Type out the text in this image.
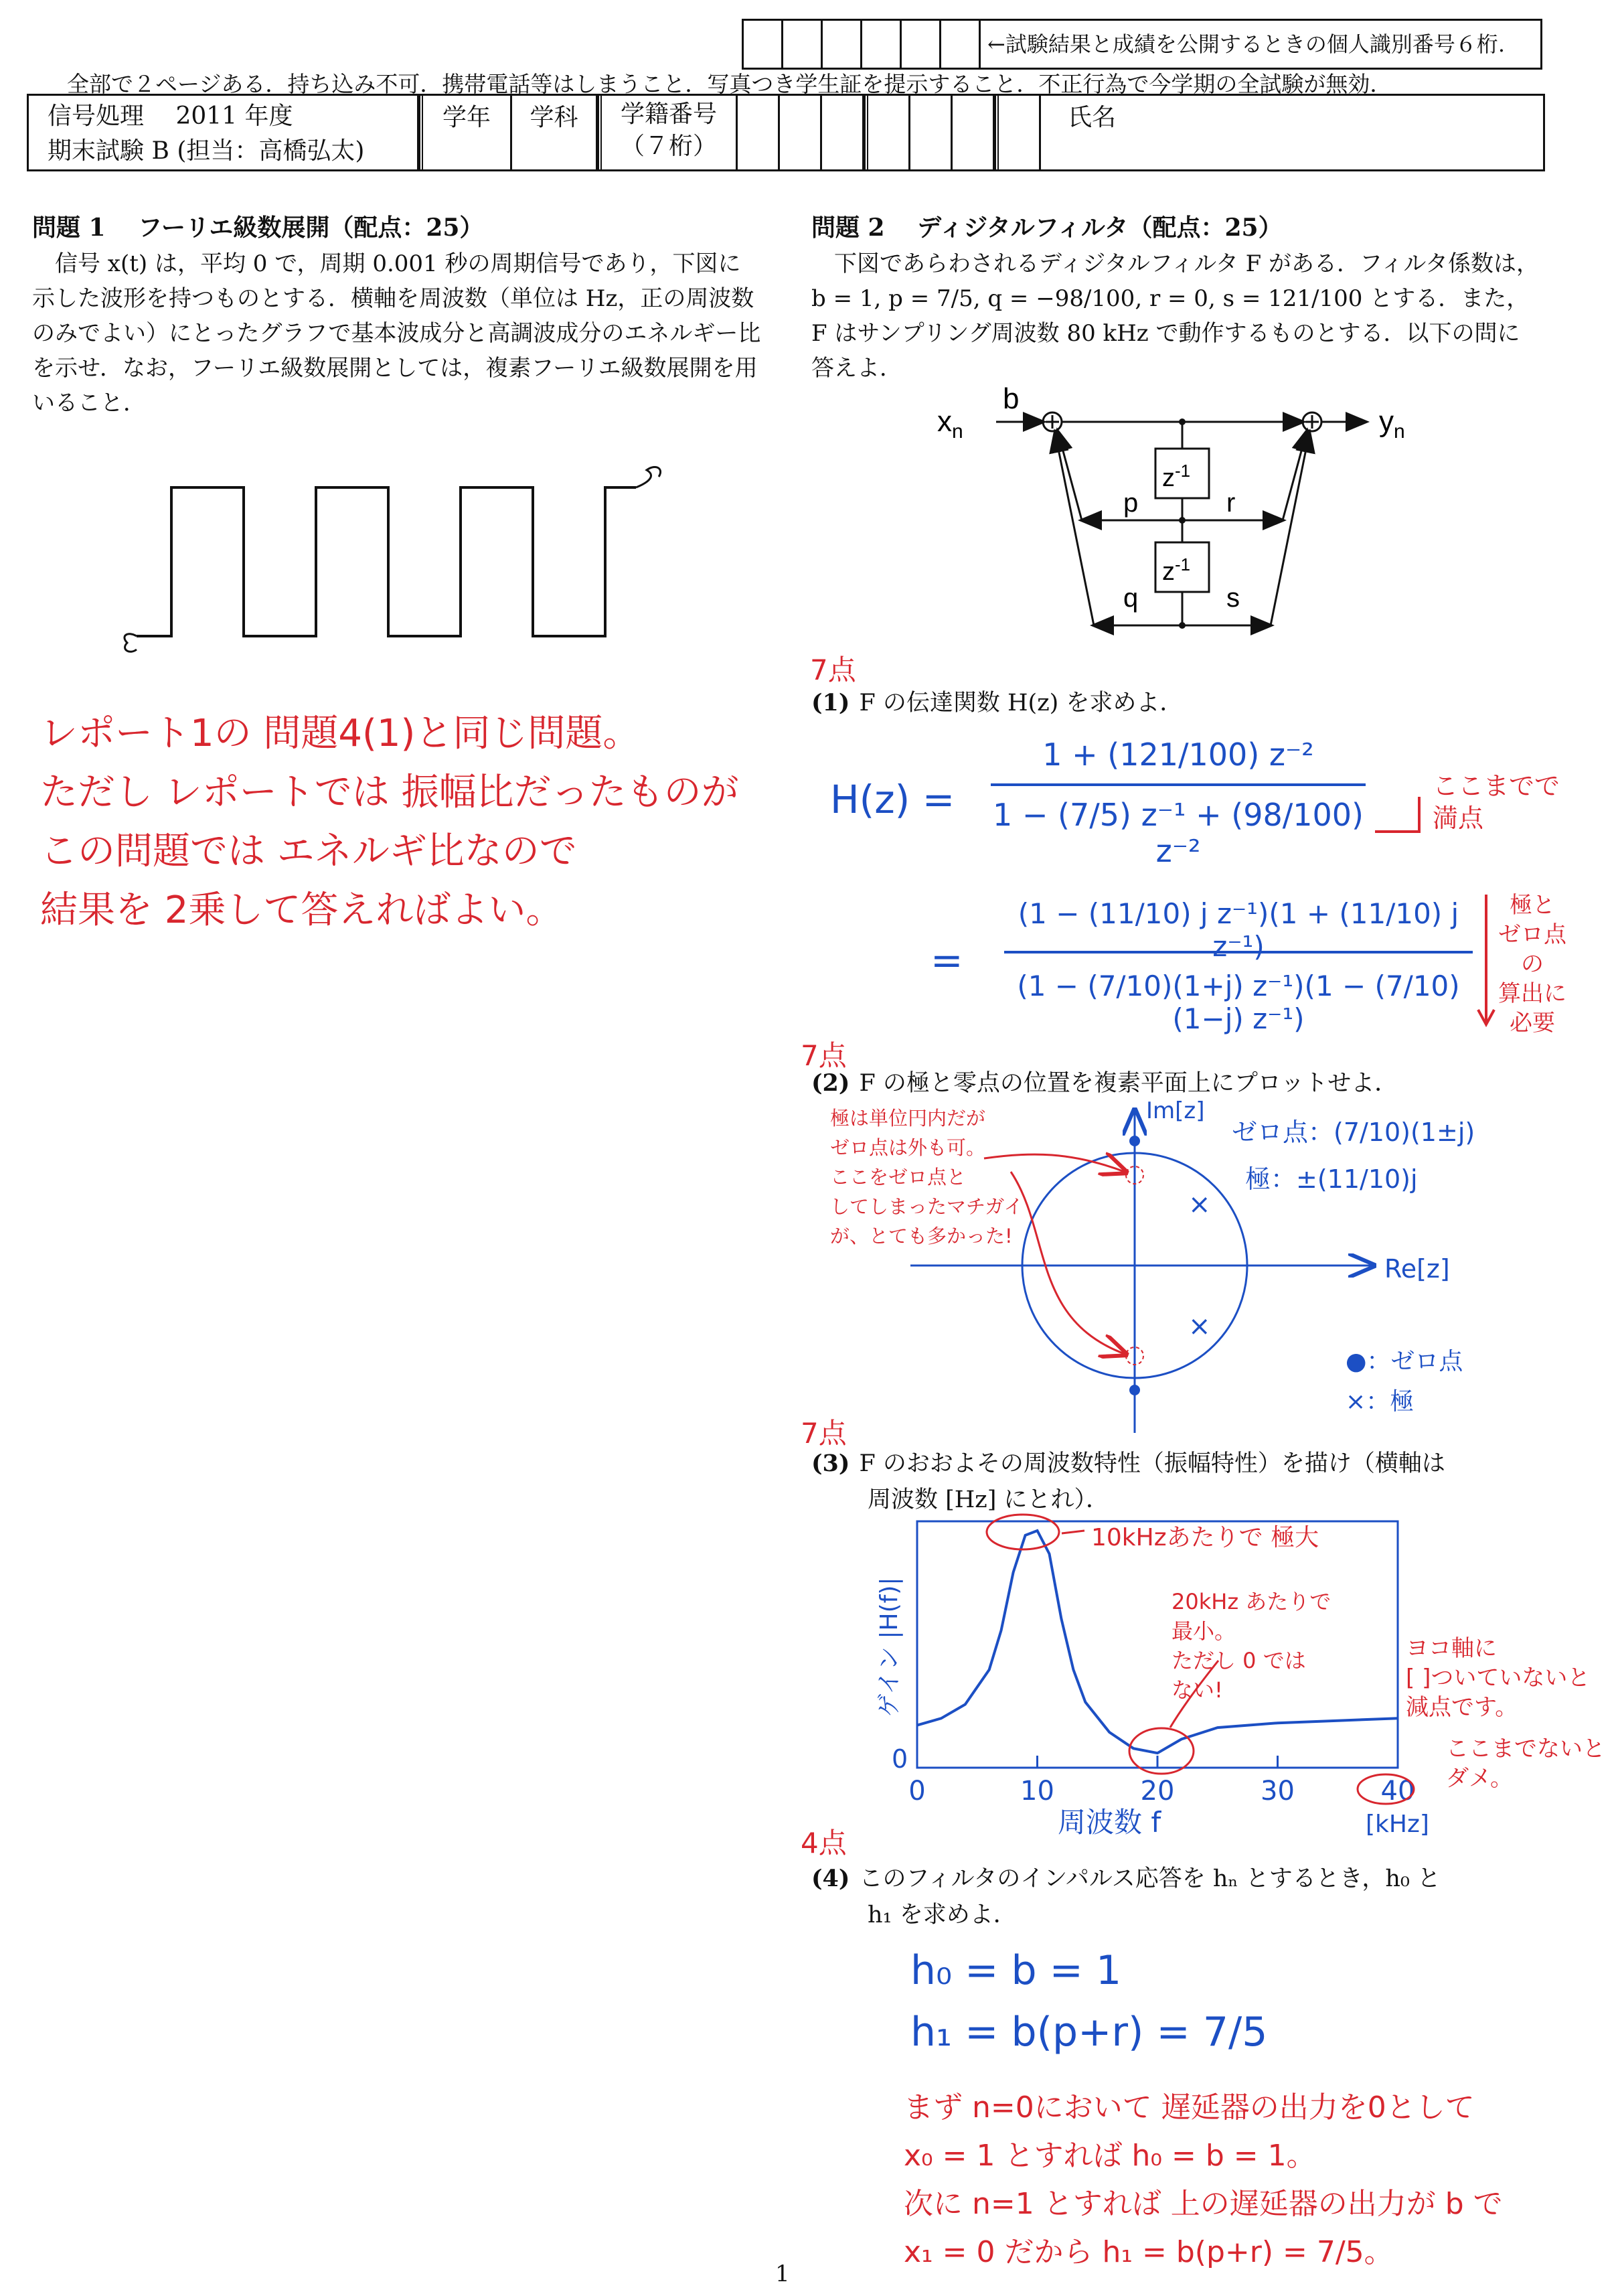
←試験結果と成績を公開するときの個人識別番号６桁.
全部で２ページある．持ち込み不可．携帯電話等はしまうこと．写真つき学生証を提示すること．不正行為で今学期の全試験が無効．
信号処理　 2011 年度
期末試験 B (担当：高橋弘太)
学年	学科	学籍番号
（７桁）
氏名
問題 1　 フーリエ級数展開（配点：25）
　信号 x(t) は，平均 0 で，周期 0.001 秒の周期信号であり，下図に示した波形を持つものとする．横軸を周波数（単位は Hz，正の周波数のみでよい）にとったグラフで基本波成分と高調波成分のエネルギー比を示せ．なお，フーリエ級数展開としては，複素フーリエ級数展開を用いること．
レポート1の 問題4(1)と同じ問題。
ただし レポートでは 振幅比だったものが
この問題では エネルギ比なので
結果を 2乗して答えればよい。
問題 2　 ディジタルフィルタ（配点：25）
　下図であらわされるディジタルフィルタ F がある．フィルタ係数は， b = 1, p = 7/5, q = −98/100, r = 0, s = 121/100 とする．また，F はサンプリング周波数 80 kHz で動作するものとする．以下の問に答えよ．
$x_n$
b
$y_n$
$z^{-1}$
$z^{-1}$
p	r
q	s
7点
(1) F の伝達関数 H(z) を求めよ．
H(z) =
1 + (121/100) z⁻²
1 − (7/5) z⁻¹ + (98/100) z⁻²
ここまでで
満点
=
(1 − (11/10) j z⁻¹)(1 + (11/10) j z⁻¹)
(1 − (7/10)(1+j) z⁻¹)(1 − (7/10)(1−j) z⁻¹)
極と
ゼロ点
の
算出に
必要
7点
(2) F の極と零点の位置を複素平面上にプロットせよ．
×
×
Im[z]
Re[z]
極は単位円内だが
ゼロ点は外も可。
ここをゼロ点と
してしまったマチガイ
が、とても多かった!
ゼロ点：(7/10)(1±j)
極：±(11/10)j
●：ゼロ点
×：極
7点
(3) F のおおよその周波数特性（振幅特性）を描け（横軸は
周波数 [Hz] にとれ）．
0	10	20	30	40
0
ゲイン |H(f)|
周波数 f	[kHz]
10kHzあたりで 極大
20kHz あたりで
最小。
ただし 0 では
ない!
ヨコ軸に
[ ]ついていないと
減点です。
ここまでないと
ダメ。
4点
(4) このフィルタのインパルス応答を hₙ とするとき，h₀ と
h₁ を求めよ．
h₀ = b = 1
h₁ = b(p+r) = 7/5
まず n=0において 遅延器の出力を0として
x₀ = 1 とすれば h₀ = b = 1。
次に n=1 とすれば 上の遅延器の出力が b で
x₁ = 0 だから h₁ = b(p+r) = 7/5。
1
